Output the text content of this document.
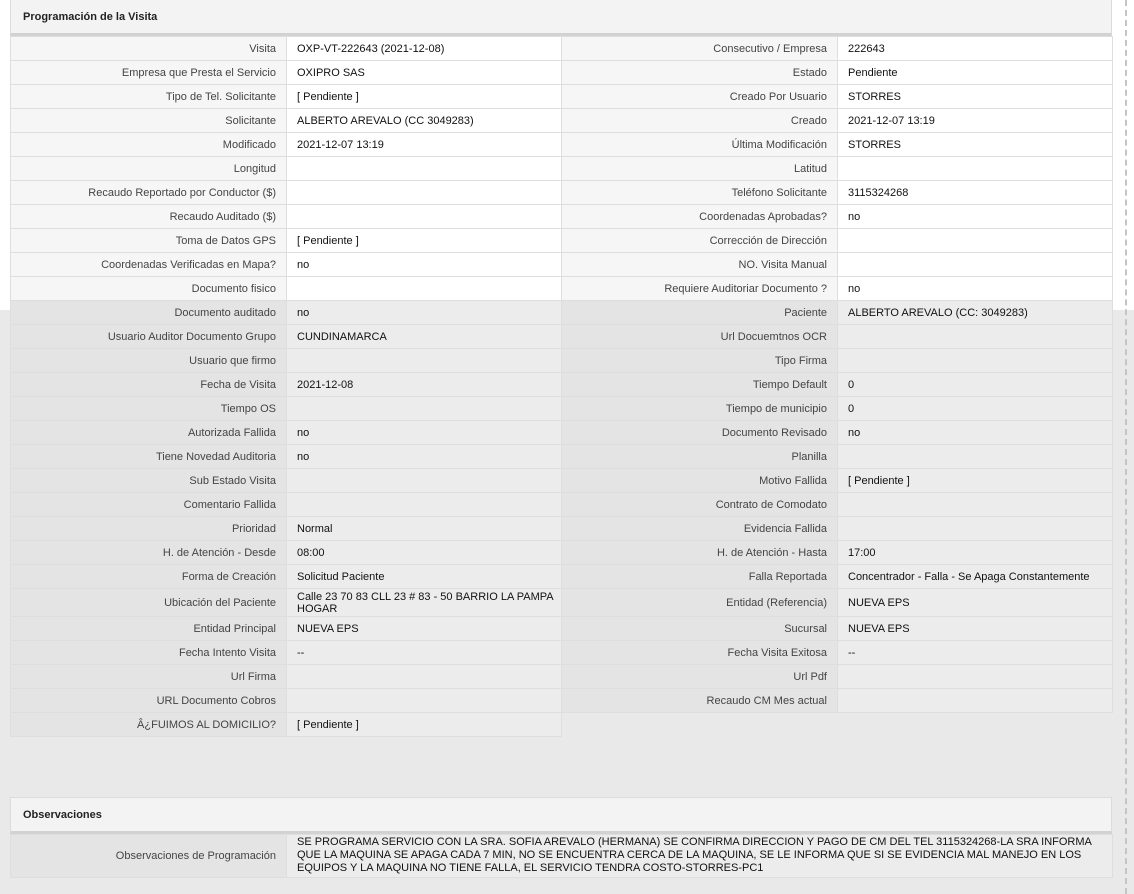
Programación de la Visita
Visita	OXP-VT-222643 (2021-12-08)	Consecutivo / Empresa	222643
Empresa que Presta el Servicio	OXIPRO SAS	Estado	Pendiente
Tipo de Tel. Solicitante	[ Pendiente ]	Creado Por Usuario	STORRES
Solicitante	ALBERTO AREVALO (CC 3049283)	Creado	2021-12-07 13:19
Modificado	2021-12-07 13:19	Última Modificación	STORRES
Longitud		Latitud	
Recaudo Reportado por Conductor ($)		Teléfono Solicitante	3115324268
Recaudo Auditado ($)		Coordenadas Aprobadas?	no
Toma de Datos GPS	[ Pendiente ]	Corrección de Dirección	
Coordenadas Verificadas en Mapa?	no	NO. Visita Manual	
Documento fisico		Requiere Auditoriar Documento ?	no
Documento auditado	no	Paciente	ALBERTO AREVALO (CC: 3049283)
Usuario Auditor Documento Grupo	CUNDINAMARCA	Url Docuemtnos OCR	
Usuario que firmo		Tipo Firma	
Fecha de Visita	2021-12-08	Tiempo Default	0
Tiempo OS		Tiempo de municipio	0
Autorizada Fallida	no	Documento Revisado	no
Tiene Novedad Auditoria	no	Planilla	
Sub Estado Visita		Motivo Fallida	[ Pendiente ]
Comentario Fallida		Contrato de Comodato	
Prioridad	Normal	Evidencia Fallida	
H. de Atención - Desde	08:00	H. de Atención - Hasta	17:00
Forma de Creación	Solicitud Paciente	Falla Reportada	Concentrador - Falla - Se Apaga Constantemente
Ubicación del Paciente	Calle 23 70 83 CLL 23 # 83 - 50 BARRIO LA PAMPA HOGAR	Entidad (Referencia)	NUEVA EPS
Entidad Principal	NUEVA EPS	Sucursal	NUEVA EPS
Fecha Intento Visita	--	Fecha Visita Exitosa	--
Url Firma		Url Pdf	
URL Documento Cobros		Recaudo CM Mes actual	
Â¿FUIMOS AL DOMICILIO?	[ Pendiente ]		
Observaciones
Observaciones de Programación	SE PROGRAMA SERVICIO CON LA SRA. SOFIA AREVALO (HERMANA) SE CONFIRMA DIRECCION Y PAGO DE CM DEL TEL 3115324268-LA SRA INFORMA QUE LA MAQUINA SE APAGA CADA 7 MIN, NO SE ENCUENTRA CERCA DE LA MAQUINA, SE LE INFORMA QUE SI SE EVIDENCIA MAL MANEJO EN LOS EQUIPOS Y LA MAQUINA NO TIENE FALLA, EL SERVICIO TENDRA COSTO-STORRES-PC1
